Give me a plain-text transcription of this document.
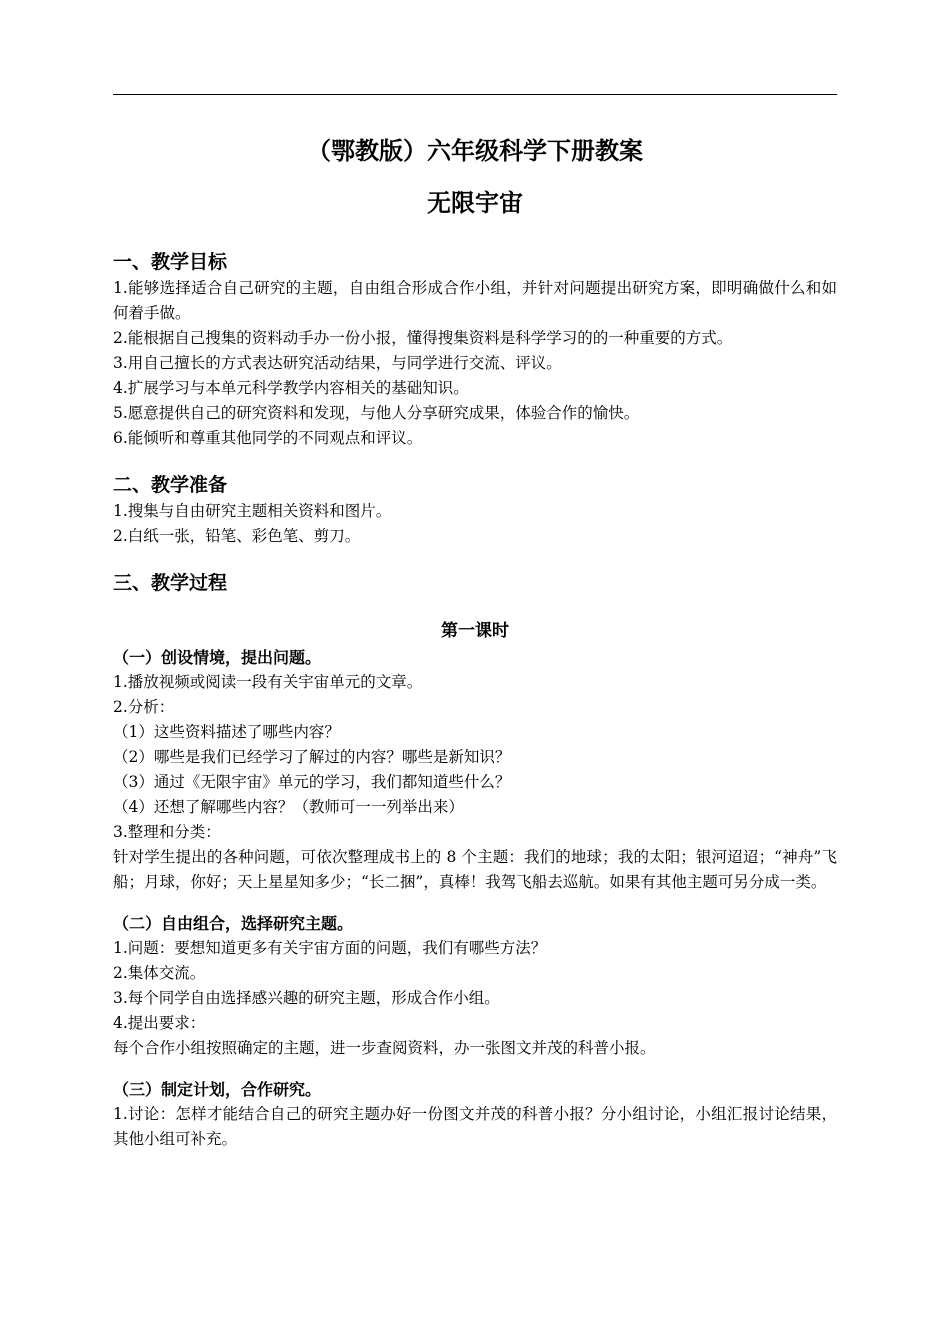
（鄂教版）六年级科学下册教案
无限宇宙

一、教学目标

1.能够选择适合自己研究的主题，自由组合形成合作小组，并针对问题提出研究方案，即明确做什么和如何着手做。

2.能根据自己搜集的资料动手办一份小报，懂得搜集资料是科学学习的的一种重要的方式。

3.用自己擅长的方式表达研究活动结果，与同学进行交流、评议。

4.扩展学习与本单元科学教学内容相关的基础知识。

5.愿意提供自己的研究资料和发现，与他人分享研究成果，体验合作的愉快。

6.能倾听和尊重其他同学的不同观点和评议。

二、教学准备

1.搜集与自由研究主题相关资料和图片。

2.白纸一张，铅笔、彩色笔、剪刀。

三、教学过程

第一课时

（一）创设情境，提出问题。

1.播放视频或阅读一段有关宇宙单元的文章。

2.分析：

（1）这些资料描述了哪些内容？

（2）哪些是我们已经学习了解过的内容？哪些是新知识？

（3）通过《无限宇宙》单元的学习，我们都知道些什么？

（4）还想了解哪些内容？（教师可一一列举出来）

3.整理和分类：

针对学生提出的各种问题，可依次整理成书上的 8 个主题：我们的地球；我的太阳；银河迢迢；“神舟”飞船；月球，你好；天上星星知多少；“长二捆”，真棒！我驾飞船去巡航。如果有其他主题可另分成一类。

（二）自由组合，选择研究主题。

1.问题：要想知道更多有关宇宙方面的问题，我们有哪些方法？

2.集体交流。

3.每个同学自由选择感兴趣的研究主题，形成合作小组。

4.提出要求：

每个合作小组按照确定的主题，进一步查阅资料，办一张图文并茂的科普小报。

（三）制定计划，合作研究。

1.讨论：怎样才能结合自己的研究主题办好一份图文并茂的科普小报？分小组讨论，小组汇报讨论结果，其他小组可补充。
